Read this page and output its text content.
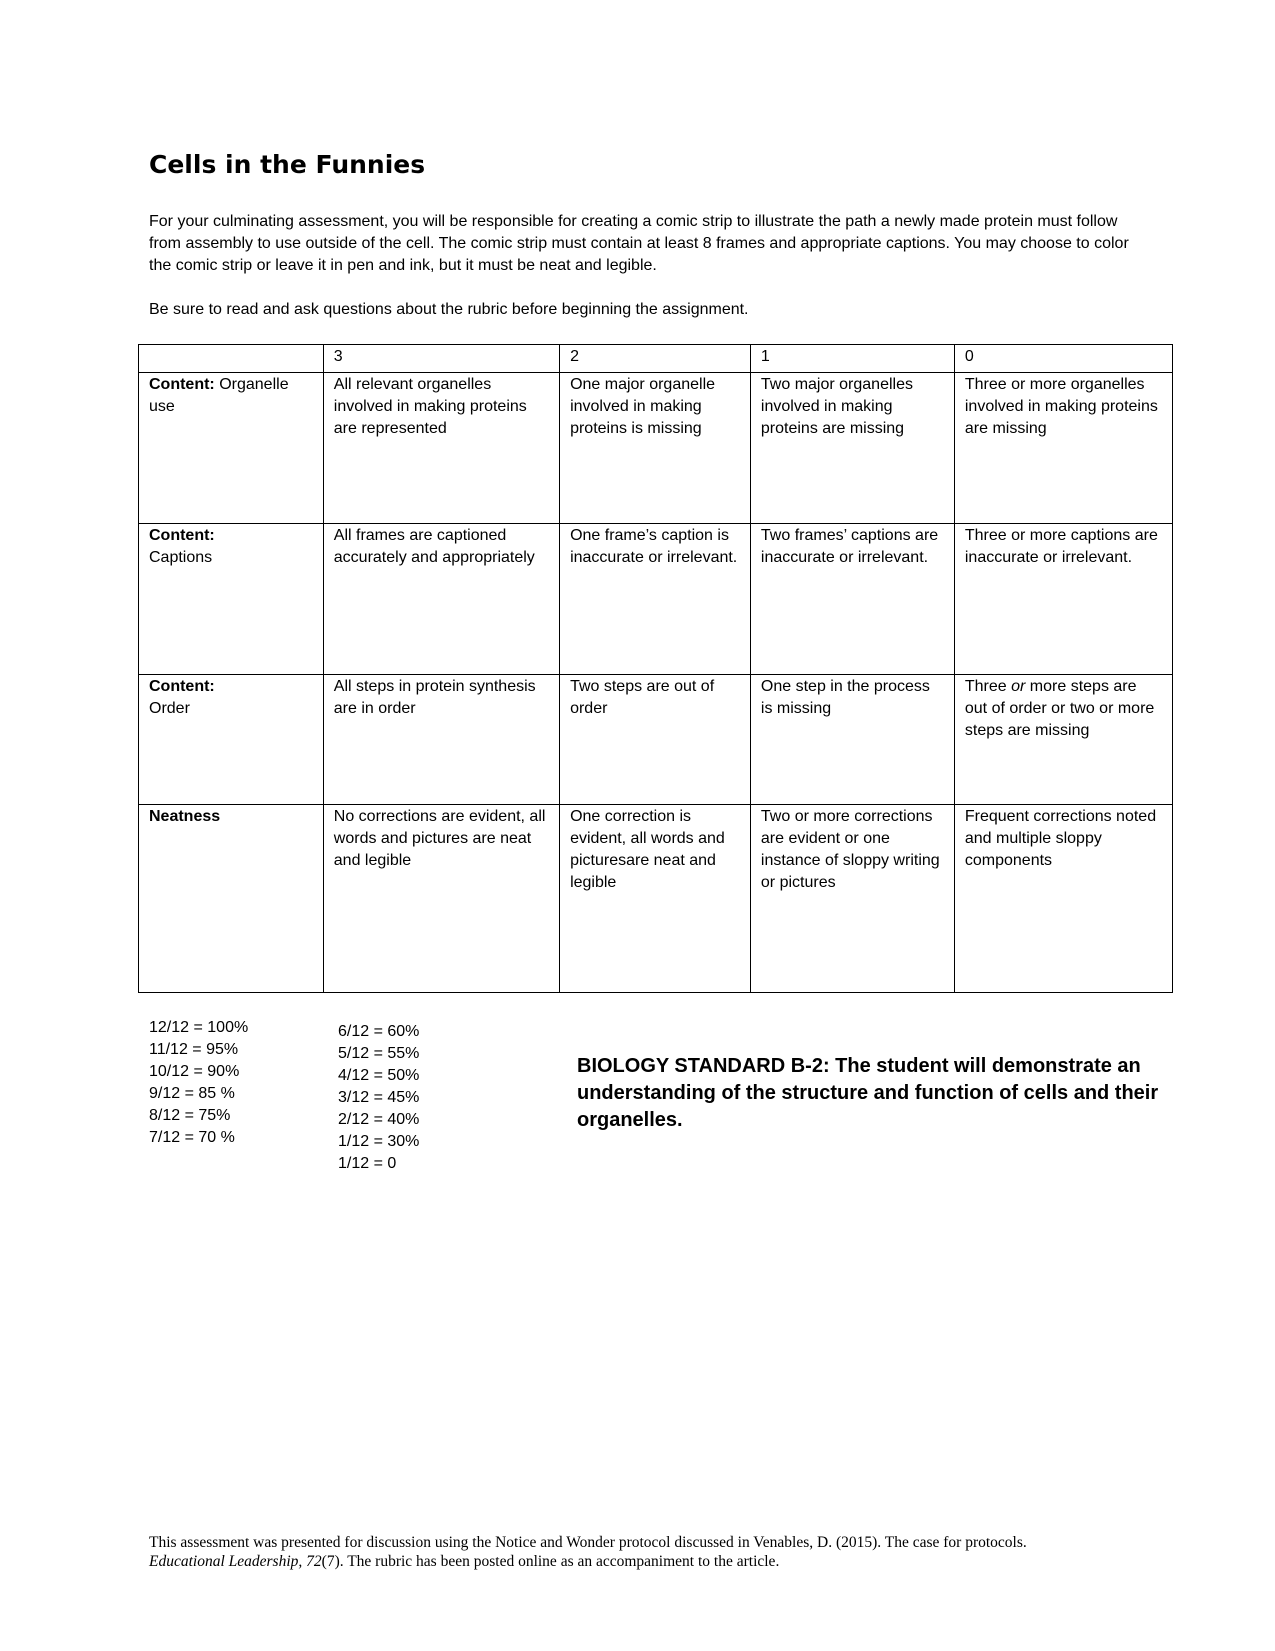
Cells in the Funnies

For your culminating assessment, you will be responsible for creating a comic strip to illustrate the path a newly made protein must follow from assembly to use outside of the cell. The comic strip must contain at least 8 frames and appropriate captions. You may choose to color the comic strip or leave it in pen and ink, but it must be neat and legible.

Be sure to read and ask questions about the rubric before beginning the assignment.

	3	2	1	0
Content: Organelle use	All relevant organelles involved in making proteins are represented	One major organelle involved in making proteins is missing	Two major organelles involved in making proteins are missing	Three or more organelles involved in making proteins are missing
Content:
Captions	All frames are captioned accurately and appropriately	One frame’s caption is inaccurate or irrelevant.	Two frames’ captions are inaccurate or irrelevant.	Three or more captions are inaccurate or irrelevant.
Content:
Order	All steps in protein synthesis are in order	Two steps are out of order	One step in the process is missing	Three or more steps are out of order or two or more steps are missing
Neatness	No corrections are evident, all words and pictures are neat and legible	One correction is evident, all words and picturesare neat and legible	Two or more corrections are evident or one instance of sloppy writing or pictures	Frequent corrections noted and multiple sloppy components
12/12 = 100%
11/12 = 95%
10/12 = 90%
9/12 = 85 %
8/12 = 75%
7/12 = 70 %
6/12 = 60%
5/12 = 55%
4/12 = 50%
3/12 = 45%
2/12 = 40%
1/12 = 30%
1/12 = 0

BIOLOGY STANDARD B-2: The student will demonstrate an understanding of the structure and function of cells and their organelles.

This assessment was presented for discussion using the Notice and Wonder protocol discussed in Venables, D. (2015). The case for protocols.
Educational Leadership, 72(7). The rubric has been posted online as an accompaniment to the article.
